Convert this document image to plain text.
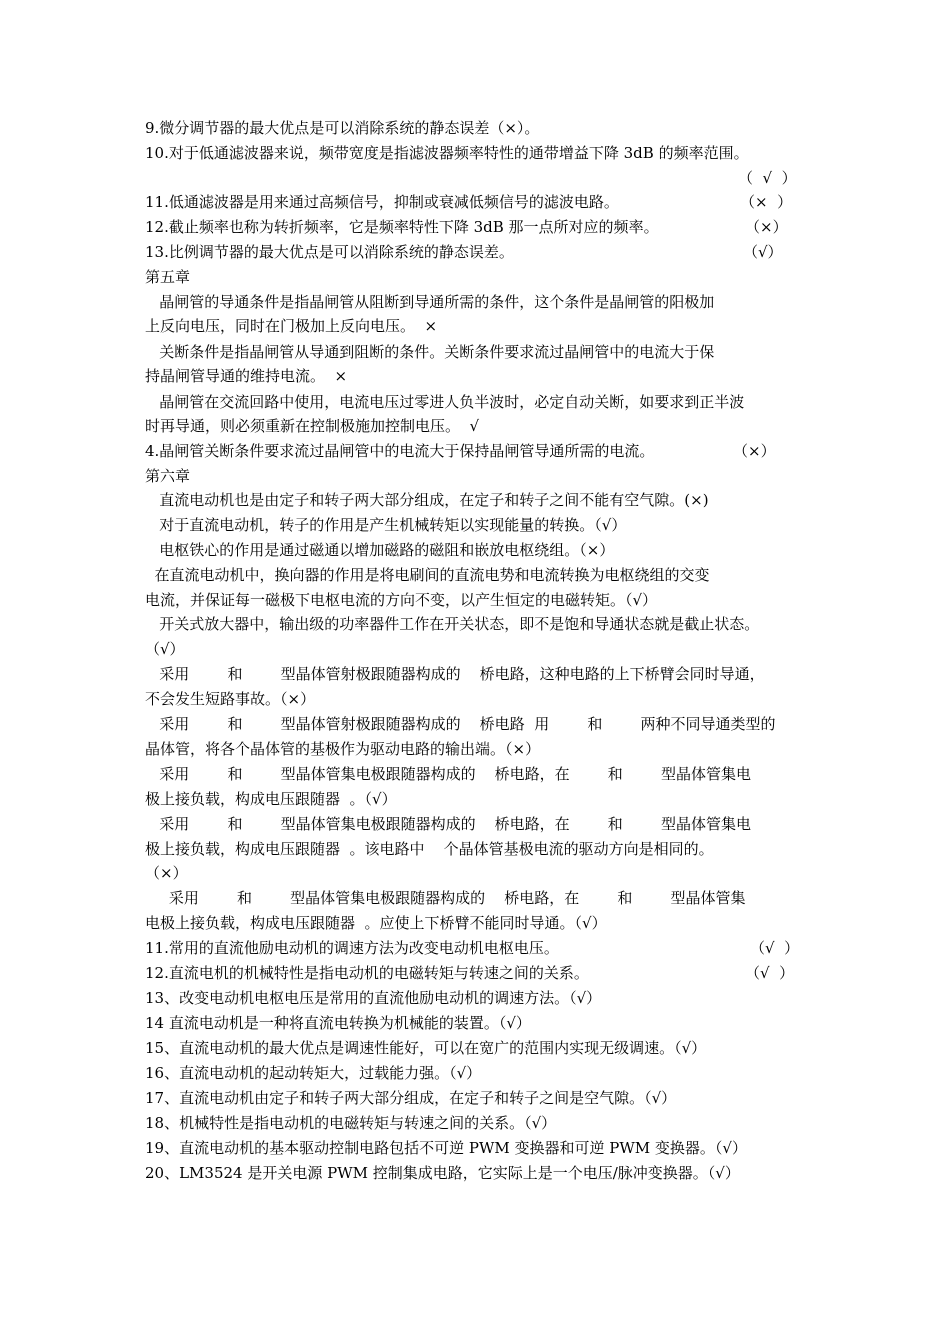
9.微分调节器的最大优点是可以消除系统的静态误差（×）。
10.对于低通滤波器来说，频带宽度是指滤波器频率特性的通带增益下降 3dB 的频率范围。
（  √  ）
11.低通滤波器是用来通过高频信号，抑制或衰减低频信号的滤波电路。	（×  ）
12.截止频率也称为转折频率，它是频率特性下降 3dB 那一点所对应的频率。	（×）
13.比例调节器的最大优点是可以消除系统的静态误差。	（√）
第五章
晶闸管的导通条件是指晶闸管从阻断到导通所需的条件，这个条件是晶闸管的阳极加
上反向电压，同时在门极加上反向电压。  ×
关断条件是指晶闸管从导通到阻断的条件。关断条件要求流过晶闸管中的电流大于保
持晶闸管导通的维持电流。  ×
晶闸管在交流回路中使用，电流电压过零进人负半波时，必定自动关断，如要求到正半波
时再导通，则必须重新在控制极施加控制电压。  √
4.晶闸管关断条件要求流过晶闸管中的电流大于保持晶闸管导通所需的电流。	（×）
第六章
直流电动机也是由定子和转子两大部分组成，在定子和转子之间不能有空气隙。(×)
对于直流电动机，转子的作用是产生机械转矩以实现能量的转换。（√）
电枢铁心的作用是通过磁通以增加磁路的磁阻和嵌放电枢绕组。（×）
在直流电动机中，换向器的作用是将电刷间的直流电势和电流转换为电枢绕组的交变
电流，并保证每一磁极下电枢电流的方向不变，以产生恒定的电磁转矩。（√）
开关式放大器中，输出级的功率器件工作在开关状态，即不是饱和导通状态就是截止状态。
（√）
采用        和        型晶体管射极跟随器构成的    桥电路，这种电路的上下桥臂会同时导通，
不会发生短路事故。（×）
采用        和        型晶体管射极跟随器构成的    桥电路  用        和        两种不同导通类型的
晶体管，将各个晶体管的基极作为驱动电路的输出端。（×）
采用        和        型晶体管集电极跟随器构成的    桥电路，在        和        型晶体管集电
极上接负载，构成电压跟随器  。（√）
采用        和        型晶体管集电极跟随器构成的    桥电路，在        和        型晶体管集电
极上接负载，构成电压跟随器  。该电路中    个晶体管基极电流的驱动方向是相同的。
（×）
采用        和        型晶体管集电极跟随器构成的    桥电路，在        和        型晶体管集
电极上接负载，构成电压跟随器  。应使上下桥臂不能同时导通。（√）
11.常用的直流他励电动机的调速方法为改变电动机电枢电压。	（√  ）
12.直流电机的机械特性是指电动机的电磁转矩与转速之间的关系。	（√  ）
13、改变电动机电枢电压是常用的直流他励电动机的调速方法。（√）
14 直流电动机是一种将直流电转换为机械能的装置。（√）
15、直流电动机的最大优点是调速性能好，可以在宽广的范围内实现无级调速。（√）
16、直流电动机的起动转矩大，过载能力强。（√）
17、直流电动机由定子和转子两大部分组成，在定子和转子之间是空气隙。（√）
18、机械特性是指电动机的电磁转矩与转速之间的关系。（√）
19、直流电动机的基本驱动控制电路包括不可逆 PWM 变换器和可逆 PWM 变换器。（√）
20、LM3524 是开关电源 PWM 控制集成电路，它实际上是一个电压/脉冲变换器。（√）
